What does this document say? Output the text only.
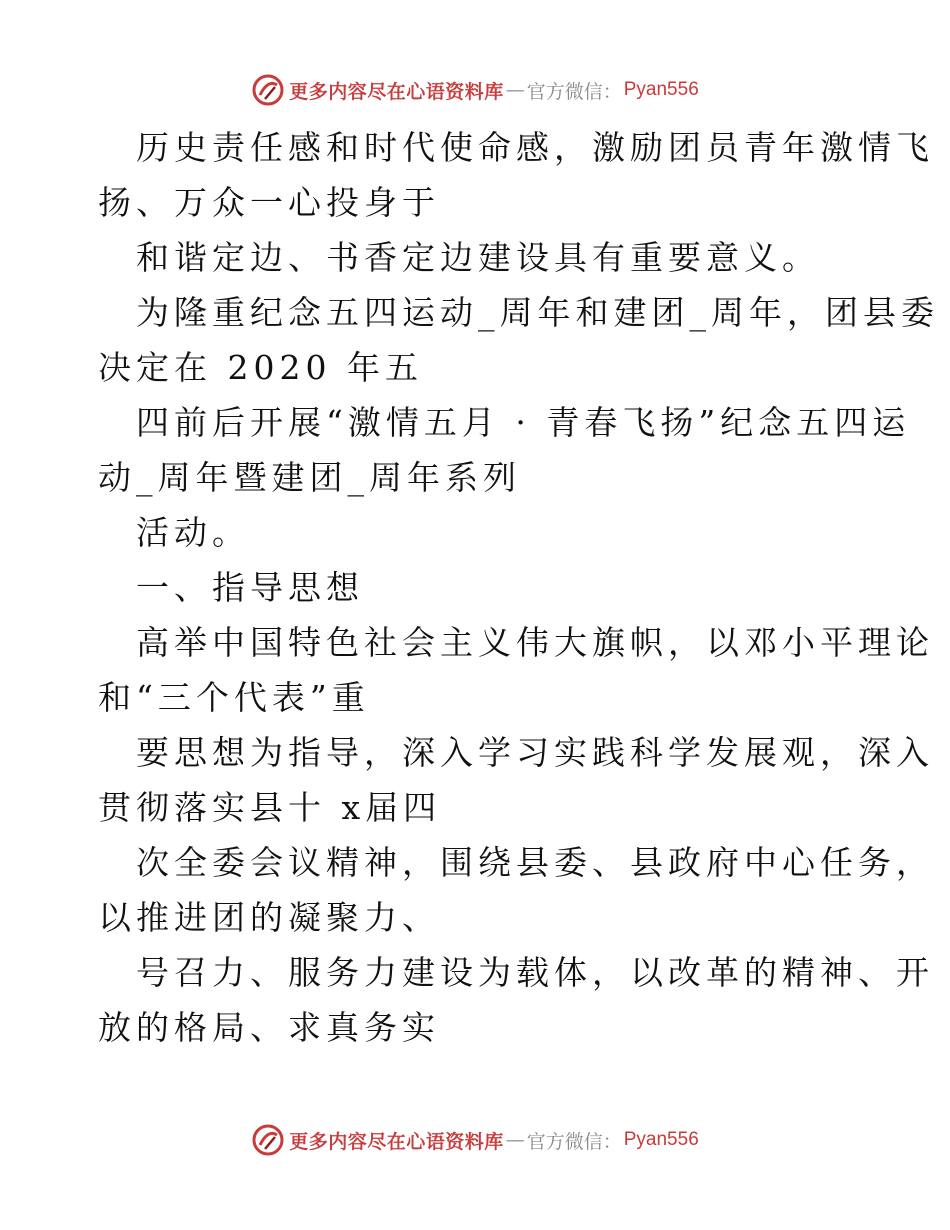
更多内容尽在心语资料库 — 官方微信： Pyan556
历史责任感和时代使命感，激励团员青年激情飞
扬、万众一心投身于
和谐定边、书香定边建设具有重要意义。
为隆重纪念五四运动_周年和建团_周年，团县委
决定在 2020 年五
四前后开展“激情五月 · 青春飞扬”纪念五四运
动_周年暨建团_周年系列
活动。
一、指导思想
高举中国特色社会主义伟大旗帜，以邓小平理论
和“三个代表”重
要思想为指导，深入学习实践科学发展观，深入
贯彻落实县十 x届四
次全委会议精神，围绕县委、县政府中心任务，
以推进团的凝聚力、
号召力、服务力建设为载体，以改革的精神、开
放的格局、求真务实
更多内容尽在心语资料库 — 官方微信： Pyan556
